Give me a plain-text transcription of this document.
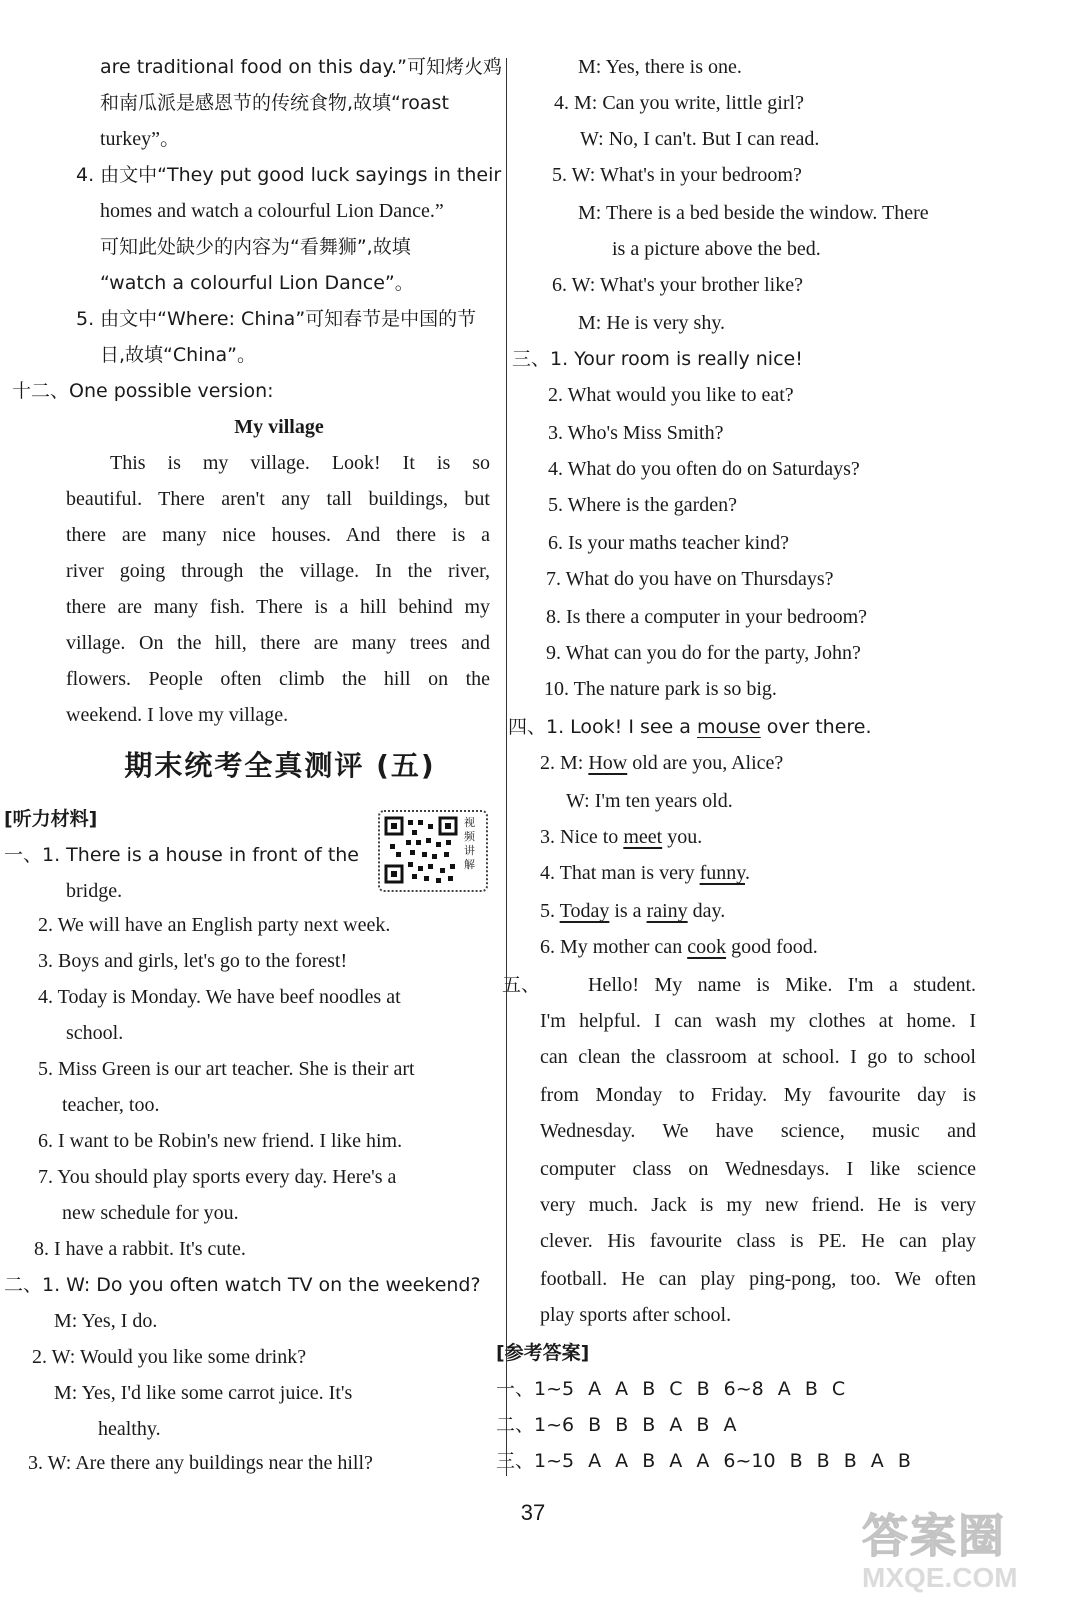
are traditional food on this day.”可知烤火鸡
和南瓜派是感恩节的传统食物,故填“roast
turkey”。
4. 由文中“They put good luck sayings in their
homes and watch a colourful Lion Dance.”
可知此处缺少的内容为“看舞狮”,故填
“watch a colourful Lion Dance”。
5. 由文中“Where: China”可知春节是中国的节
日,故填“China”。
十二、One possible version:
My village
This is my village. Look! It is so
beautiful. There aren't any tall buildings, but
there are many nice houses. And there is a
river going through the village. In the river,
there are many fish. There is a hill behind my
village. On the hill, there are many trees and
flowers. People often climb the hill on the
weekend. I love my village.
期末统考全真测评 (五)
[听力材料]	视频讲解
一、1. There is a house in front of the
bridge.
2. We will have an English party next week.
3. Boys and girls, let's go to the forest!
4. Today is Monday. We have beef noodles at
school.
5. Miss Green is our art teacher. She is their art
teacher, too.
6. I want to be Robin's new friend. I like him.
7. You should play sports every day. Here's a
new schedule for you.
8. I have a rabbit. It's cute.
二、1. W: Do you often watch TV on the weekend?
M: Yes, I do.
2. W: Would you like some drink?
M: Yes, I'd like some carrot juice. It's
healthy.
3. W: Are there any buildings near the hill?
M: Yes, there is one.
4. M: Can you write, little girl?
W: No, I can't. But I can read.
5. W: What's in your bedroom?
M: There is a bed beside the window. There
is a picture above the bed.
6. W: What's your brother like?
M: He is very shy.
三、1. Your room is really nice!
2. What would you like to eat?
3. Who's Miss Smith?
4. What do you often do on Saturdays?
5. Where is the garden?
6. Is your maths teacher kind?
7. What do you have on Thursdays?
8. Is there a computer in your bedroom?
9. What can you do for the party, John?
10. The nature park is so big.
四、1. Look! I see a mouse over there.
2. M: How old are you, Alice?
W: I'm ten years old.
3. Nice to meet you.
4. That man is very funny.
5. Today is a rainy day.
6. My mother can cook good food.
五、 Hello! My name is Mike. I'm a student.
I'm helpful. I can wash my clothes at home. I
can clean the classroom at school. I go to school
from Monday to Friday. My favourite day is
Wednesday. We have science, music and
computer class on Wednesdays. I like science
very much. Jack is my new friend. He is very
clever. His favourite class is PE. He can play
football. He can play ping-pong, too. We often
play sports after school.
[参考答案]
一、1~5 A A B C B 6~8 A B C
二、1~6 B B B A B A
三、1~5 A A B A A 6~10 B B B A B
37	答案圈
MXQE.COM
